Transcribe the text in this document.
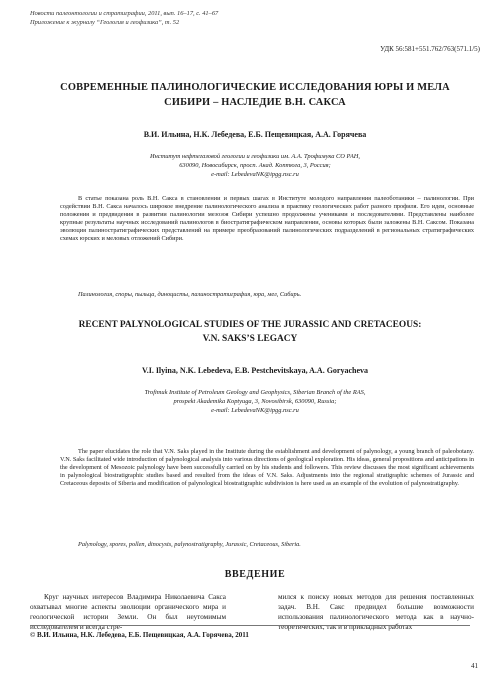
Новости палеонтологии и стратиграфии, 2011, вып. 16–17, с. 41–67
Приложение к журналу “Геология и геофизика”, т. 52
УДК 56:581+551.762/763(571.1/5)
СОВРЕМЕННЫЕ ПАЛИНОЛОГИЧЕСКИЕ ИССЛЕДОВАНИЯ ЮРЫ И МЕЛА СИБИРИ – НАСЛЕДИЕ В.Н. САКСА
В.И. Ильина, Н.К. Лебедева, Е.Б. Пещевицкая, А.А. Горячева
Институт нефтегазовой геологии и геофизики им. А.А. Трофимука СО РАН,
630090, Новосибирск, просп. Акад. Коптюга, 3, Россия;
e-mail: LebedevaNK@ipgg.nsc.ru
В статье показана роль В.Н. Сакса в становлении и первых шагах в Институте молодого направления палеоботаники – палинологии. При содействии В.Н. Сакса началось широкое внедрение палинологического анализа в практику геологических работ разного профиля. Его идеи, основные положения и предвидения в развитии палинологии мезозоя Сибири успешно продолжены учениками и последователями. Представлены наиболее крупные результаты научных исследований палинологов в биостратиграфическом направлении, основы которых были заложены В.Н. Саксом. Показана эволюция палиностратиграфических представлений на примере преобразований палинологических подразделений в региональных стратиграфических схемах юрских и меловых отложений Сибири.
Палинология, споры, пыльца, диноцисты, палиностратиграфия, юра, мел, Сибирь.
RECENT PALYNOLOGICAL STUDIES OF THE JURASSIC AND CRETACEOUS:
V.N. SAKS’S LEGACY
V.I. Ilyina, N.K. Lebedeva, E.B. Pestchevitskaya, A.A. Goryacheva
Trofimuk Institute of Petroleum Geology and Geophysics, Siberian Branch of the RAS,
prospekt Akademika Koptyuga, 3, Novosibirsk, 630090, Russia;
e-mail: LebedevaNK@ipgg.nsc.ru
The paper elucidates the role that V.N. Saks played in the Institute during the establishment and development of palynology, a young branch of paleobotany. V.N. Saks facilitated wide introduction of palynological analysis into various directions of geological exploration. His ideas, general propositions and anticipations in the development of Mesozoic palynology have been successfully carried on by his students and followers. This review discusses the most significant achievements in palynological biostratigraphic studies based and resulted from the ideas of V.N. Saks. Adjustments into the regional stratigraphic schemes of Jurassic and Cretaceous deposits of Siberia and modification of palynological biostratigraphic subdivision is here used as an example of the evolution of palynostratigraphy.
Palynology, spores, pollen, dinocysts, palynostratigraphy, Jurassic, Cretaceous, Siberia.
ВВЕДЕНИЕ
Круг научных интересов Владимира Николаевича Сакса охватывал многие аспекты эволюции органического мира и геологической истории Земли. Он был неутомимым исследователем и всегда стре-
мился к поиску новых методов для решения поставленных задач. В.Н. Сакс предвидел большие возможности использования палинологического метода как в научно-теоретических, так и в прикладных работах
© В.И. Ильина, Н.К. Лебедева, Е.Б. Пещевицкая, А.А. Горячева, 2011
41
